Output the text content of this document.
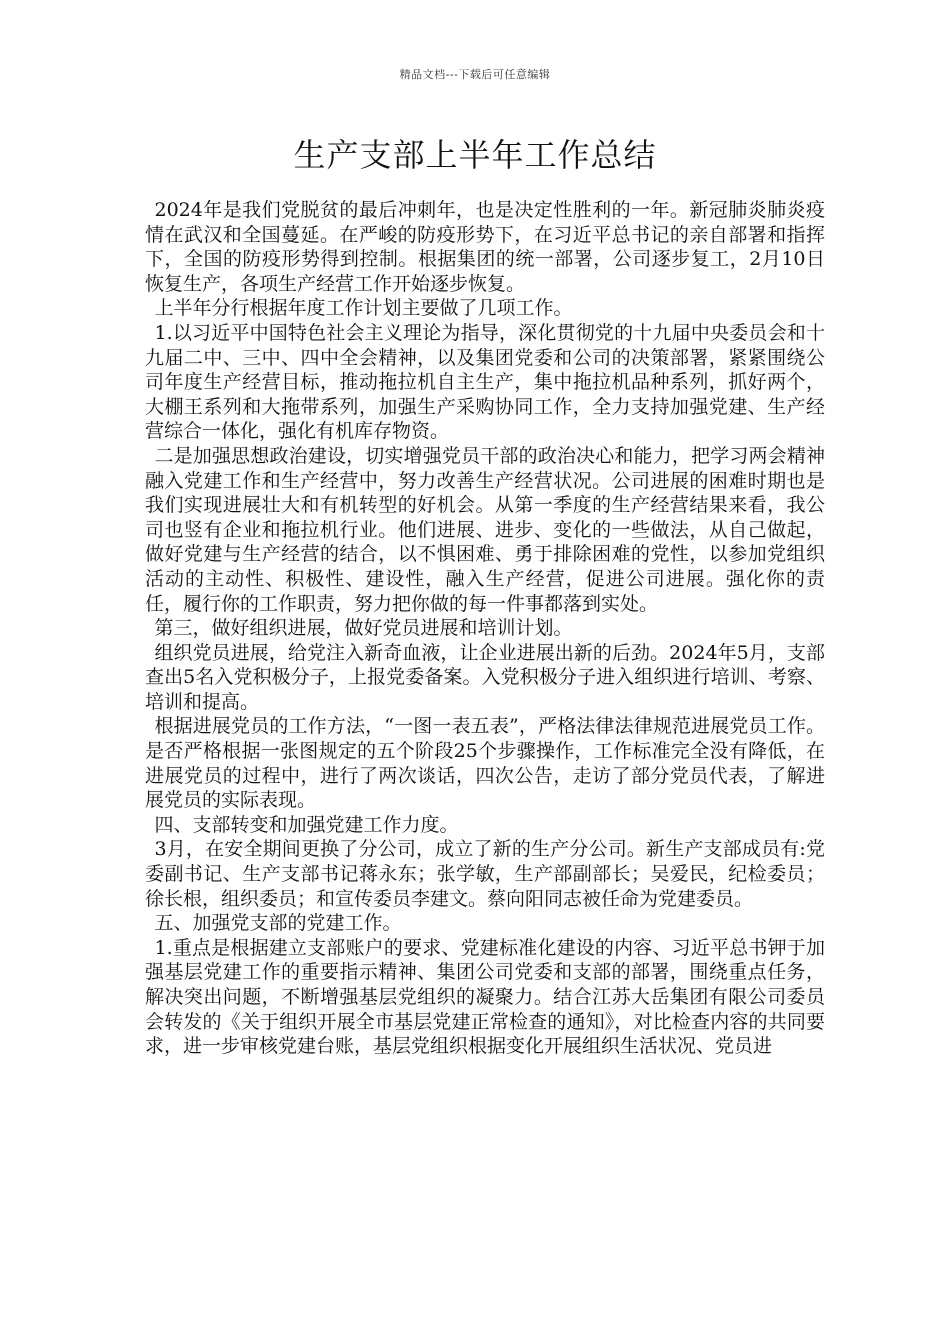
精品文档---下载后可任意编辑
生产支部上半年工作总结

2024年是我们党脱贫的最后冲刺年，也是决定性胜利的一年。新冠肺炎肺炎疫情在武汉和全国蔓延。在严峻的防疫形势下，在习近平总书记的亲自部署和指挥下，全国的防疫形势得到控制。根据集团的统一部署，公司逐步复工，2月10日恢复生产，各项生产经营工作开始逐步恢复。

上半年分行根据年度工作计划主要做了几项工作。

1.以习近平中国特色社会主义理论为指导，深化贯彻党的十九届中央委员会和十九届二中、三中、四中全会精神，以及集团党委和公司的决策部署，紧紧围绕公司年度生产经营目标，推动拖拉机自主生产，集中拖拉机品种系列，抓好两个，大棚王系列和大拖带系列，加强生产采购协同工作，全力支持加强党建、生产经营综合一体化，强化有机库存物资。

二是加强思想政治建设，切实增强党员干部的政治决心和能力，把学习两会精神融入党建工作和生产经营中，努力改善生产经营状况。公司进展的困难时期也是我们实现进展壮大和有机转型的好机会。从第一季度的生产经营结果来看，我公司也竖有企业和拖拉机行业。他们进展、进步、变化的一些做法，从自己做起，做好党建与生产经营的结合，以不惧困难、勇于排除困难的党性，以参加党组织活动的主动性、积极性、建设性，融入生产经营，促进公司进展。强化你的责任，履行你的工作职责，努力把你做的每一件事都落到实处。

第三，做好组织进展，做好党员进展和培训计划。

组织党员进展，给党注入新奇血液，让企业进展出新的后劲。2024年5月，支部查出5名入党积极分子，上报党委备案。入党积极分子进入组织进行培训、考察、培训和提高。

根据进展党员的工作方法，“一图一表五表”，严格法律法律规范进展党员工作。是否严格根据一张图规定的五个阶段25个步骤操作，工作标准完全没有降低，在进展党员的过程中，进行了两次谈话，四次公告，走访了部分党员代表，了解进展党员的实际表现。

四、支部转变和加强党建工作力度。

3月，在安全期间更换了分公司，成立了新的生产分公司。新生产支部成员有:党委副书记、生产支部书记蒋永东；张学敏，生产部副部长；吴爱民，纪检委员；徐长根，组织委员；和宣传委员李建文。蔡向阳同志被任命为党建委员。

五、加强党支部的党建工作。

1.重点是根据建立支部账户的要求、党建标准化建设的内容、习近平总书钾于加强基层党建工作的重要指示精神、集团公司党委和支部的部署，围绕重点任务，解决突出问题，不断增强基层党组织的凝聚力。结合江苏大岳集团有限公司委员会转发的《关于组织开展全市基层党建正常检查的通知》，对比检查内容的共同要求，进一步审核党建台账，基层党组织根据变化开展组织生活状况、党员进
